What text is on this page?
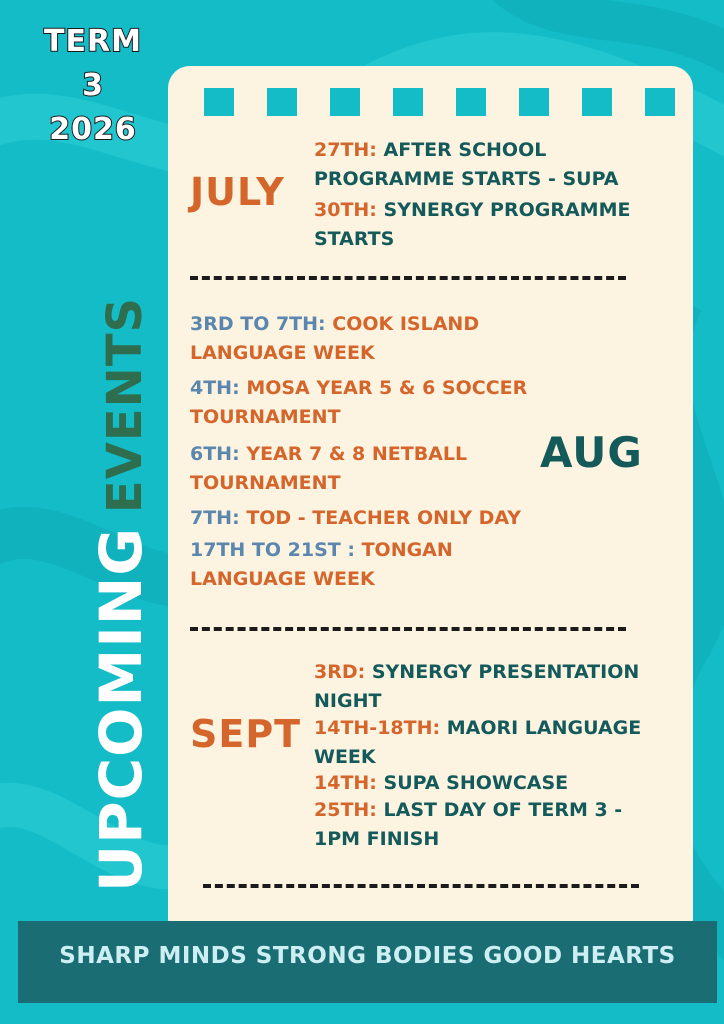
TERM
3
2026
UPCOMINGEVENTS
JULY
27TH: AFTER SCHOOL
PROGRAMME STARTS - SUPA
30TH: SYNERGY PROGRAMME
STARTS
AUG
3RD TO 7TH: COOK ISLAND
LANGUAGE WEEK
4TH: MOSA YEAR 5 & 6 SOCCER
TOURNAMENT
6TH: YEAR 7 & 8 NETBALL
TOURNAMENT
7TH: TOD - TEACHER ONLY DAY
17TH TO 21ST : TONGAN
LANGUAGE WEEK
SEPT
3RD: SYNERGY PRESENTATION
NIGHT
14TH-18TH: MAORI LANGUAGE
WEEK
14TH: SUPA SHOWCASE
25TH: LAST DAY OF TERM 3 -
1PM FINISH
SHARP MINDS STRONG BODIES GOOD HEARTS
